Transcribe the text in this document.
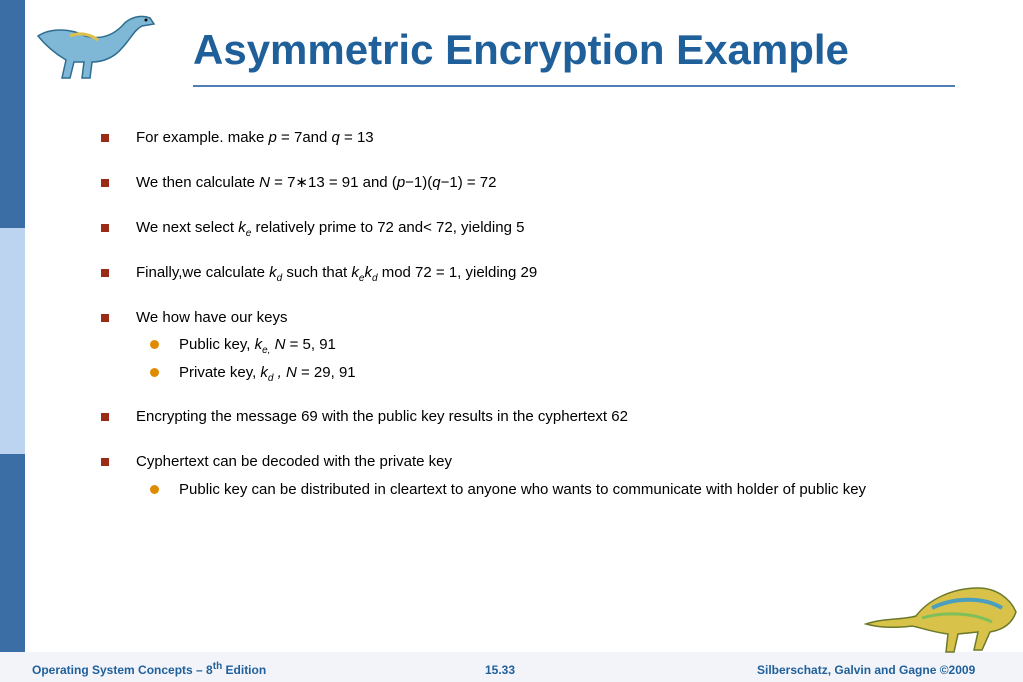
Asymmetric Encryption Example
For example. make p = 7and q = 13
We then calculate N = 7∗13 = 91 and (p−1)(q−1) = 72
We next select $k_e$ relatively prime to 72 and< 72, yielding 5
Finally,we calculate $k_d$ such that $k_ek_d$ mod 72 = 1, yielding 29
We how have our keys
Public key, $k_{e,}$ N = 5, 91
Private key, $k_d$ , N = 29, 91
Encrypting the message 69 with the public key results in the cyphertext 62
Cyphertext can be decoded with the private key
Public key can be distributed in cleartext to anyone who wants to communicate with holder of public key
Operating System Concepts – 8th Edition	15.33	Silberschatz, Galvin and Gagne ©2009
